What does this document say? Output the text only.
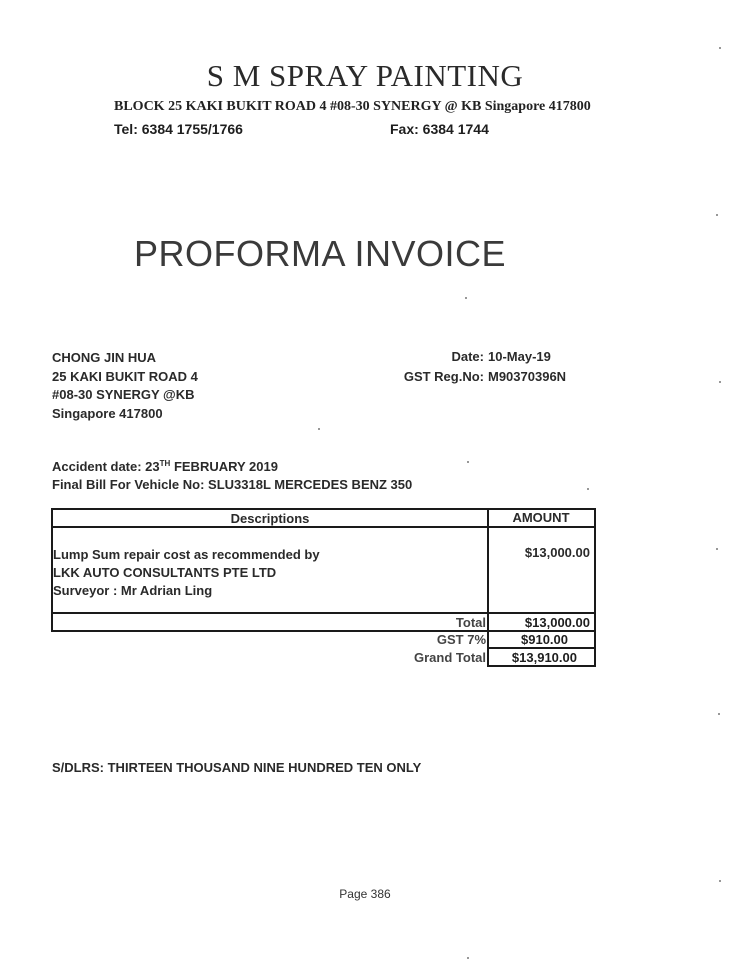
S M SPRAY PAINTING
BLOCK 25 KAKI BUKIT ROAD 4 #08-30 SYNERGY @ KB Singapore 417800
Tel: 6384 1755/1766	Fax: 6384 1744
PROFORMA INVOICE
CHONG JIN HUA
25 KAKI BUKIT ROAD 4
#08-30 SYNERGY @KB
Singapore 417800
Date: 10-May-19
GST Reg.No: M90370396N
Accident date: 23TH FEBRUARY 2019
Final Bill For Vehicle No: SLU3318L MERCEDES BENZ 350
Descriptions	AMOUNT
Lump Sum repair cost as recommended by
LKK AUTO CONSULTANTS PTE LTD
Surveyor : Mr Adrian Ling
$13,000.00
Total	$13,000.00
GST 7%	$910.00
Grand Total	$13,910.00
S/DLRS: THIRTEEN THOUSAND NINE HUNDRED TEN ONLY
Page 386
